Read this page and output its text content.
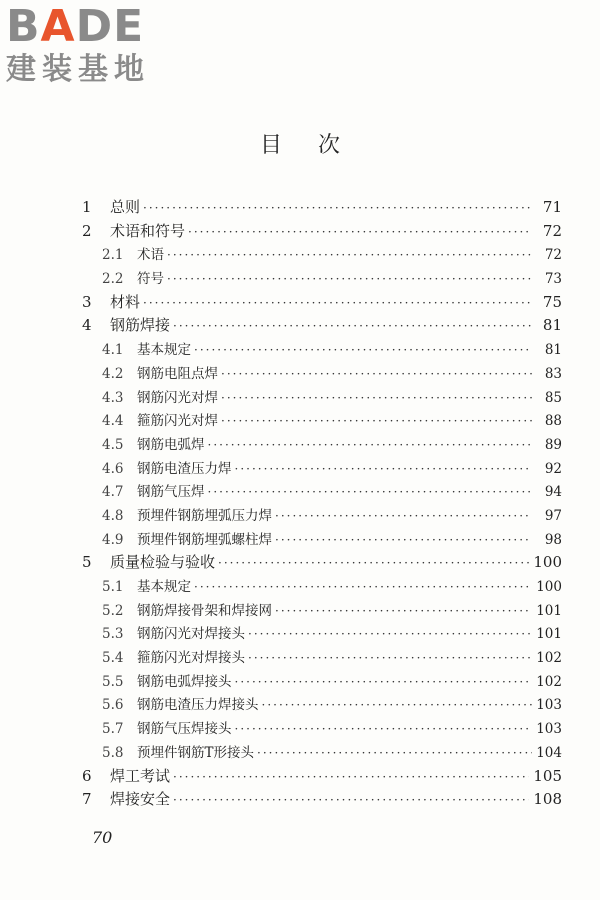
BADE
建装基地
目次
1	总则 ·····	71
2	术语和符号 ·····	72
2.1	术语 ·····	72
2.2	符号 ·····	73
3	材料 ·····	75
4	钢筋焊接 ·····	81
4.1	基本规定 ·····	81
4.2	钢筋电阻点焊 ·····	83
4.3	钢筋闪光对焊 ·····	85
4.4	箍筋闪光对焊 ·····	88
4.5	钢筋电弧焊 ·····	89
4.6	钢筋电渣压力焊 ·····	92
4.7	钢筋气压焊 ·····	94
4.8	预埋件钢筋埋弧压力焊 ·····	97
4.9	预埋件钢筋埋弧螺柱焊 ·····	98
5	质量检验与验收 ·····	100
5.1	基本规定 ·····	100
5.2	钢筋焊接骨架和焊接网 ·····	101
5.3	钢筋闪光对焊接头 ·····	101
5.4	箍筋闪光对焊接头 ·····	102
5.5	钢筋电弧焊接头 ·····	102
5.6	钢筋电渣压力焊接头 ·····	103
5.7	钢筋气压焊接头 ·····	103
5.8	预埋件钢筋T形接头 ·····	104
6	焊工考试 ·····	105
7	焊接安全 ·····	108
70
